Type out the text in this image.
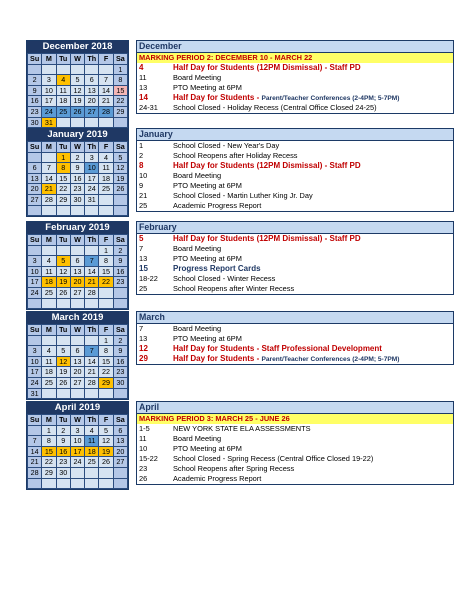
December 2018
Su	M	Tu	W	Th	F	Sa
						1
2	3	4	5	6	7	8
9	10	11	12	13	14	15
16	17	18	19	20	21	22
23	24	25	26	27	28	29
30	31					
December
MARKING PERIOD 2: DECEMBER 10 - MARCH 22
4	Half Day for Students (12PM Dismissal) - Staff PD
11	Board Meeting
13	PTO Meeting at 6PM
14	Half Day for Students - Parent/Teacher Conferences (2-4PM; 5-7PM)
24-31	School Closed - Holiday Recess (Central Office Closed 24-25)
January 2019
Su	M	Tu	W	Th	F	Sa
		1	2	3	4	5
6	7	8	9	10	11	12
13	14	15	16	17	18	19
20	21	22	23	24	25	26
27	28	29	30	31		

January
1	School Closed - New Year's Day
2	School Reopens after Holiday Recess
8	Half Day for Students (12PM Dismissal) - Staff PD
10	Board Meeting
9	PTO Meeting at 6PM
21	School Closed - Martin Luther King Jr. Day
25	Academic Progress Report
February 2019
Su	M	Tu	W	Th	F	Sa
					1	2
3	4	5	6	7	8	9
10	11	12	13	14	15	16
17	18	19	20	21	22	23
24	25	26	27	28		

February
5	Half Day for Students (12PM Dismissal) - Staff PD
7	Board Meeting
13	PTO Meeting at 6PM
15	Progress Report Cards
18-22	School Closed - Winter Recess
25	School Reopens after Winter Recess
March 2019
Su	M	Tu	W	Th	F	Sa
					1	2
3	4	5	6	7	8	9
10	11	12	13	14	15	16
17	18	19	20	21	22	23
24	25	26	27	28	29	30
31						
March
7	Board Meeting
13	PTO Meeting at 6PM
12	Half Day for Students - Staff Professional Development
29	Half Day for Students - Parent/Teacher Conferences (2-4PM; 5-7PM)
April 2019
Su	M	Tu	W	Th	F	Sa
	1	2	3	4	5	6
7	8	9	10	11	12	13
14	15	16	17	18	19	20
21	22	23	24	25	26	27
28	29	30				

April
MARKING PERIOD 3: MARCH 25 - JUNE 26
1-5	NEW YORK STATE ELA ASSESSMENTS
11	Board Meeting
10	PTO Meeting at 6PM
15-22	School Closed - Spring Recess (Central Office Closed 19-22)
23	School Reopens after Spring Recess
26	Academic Progress Report
